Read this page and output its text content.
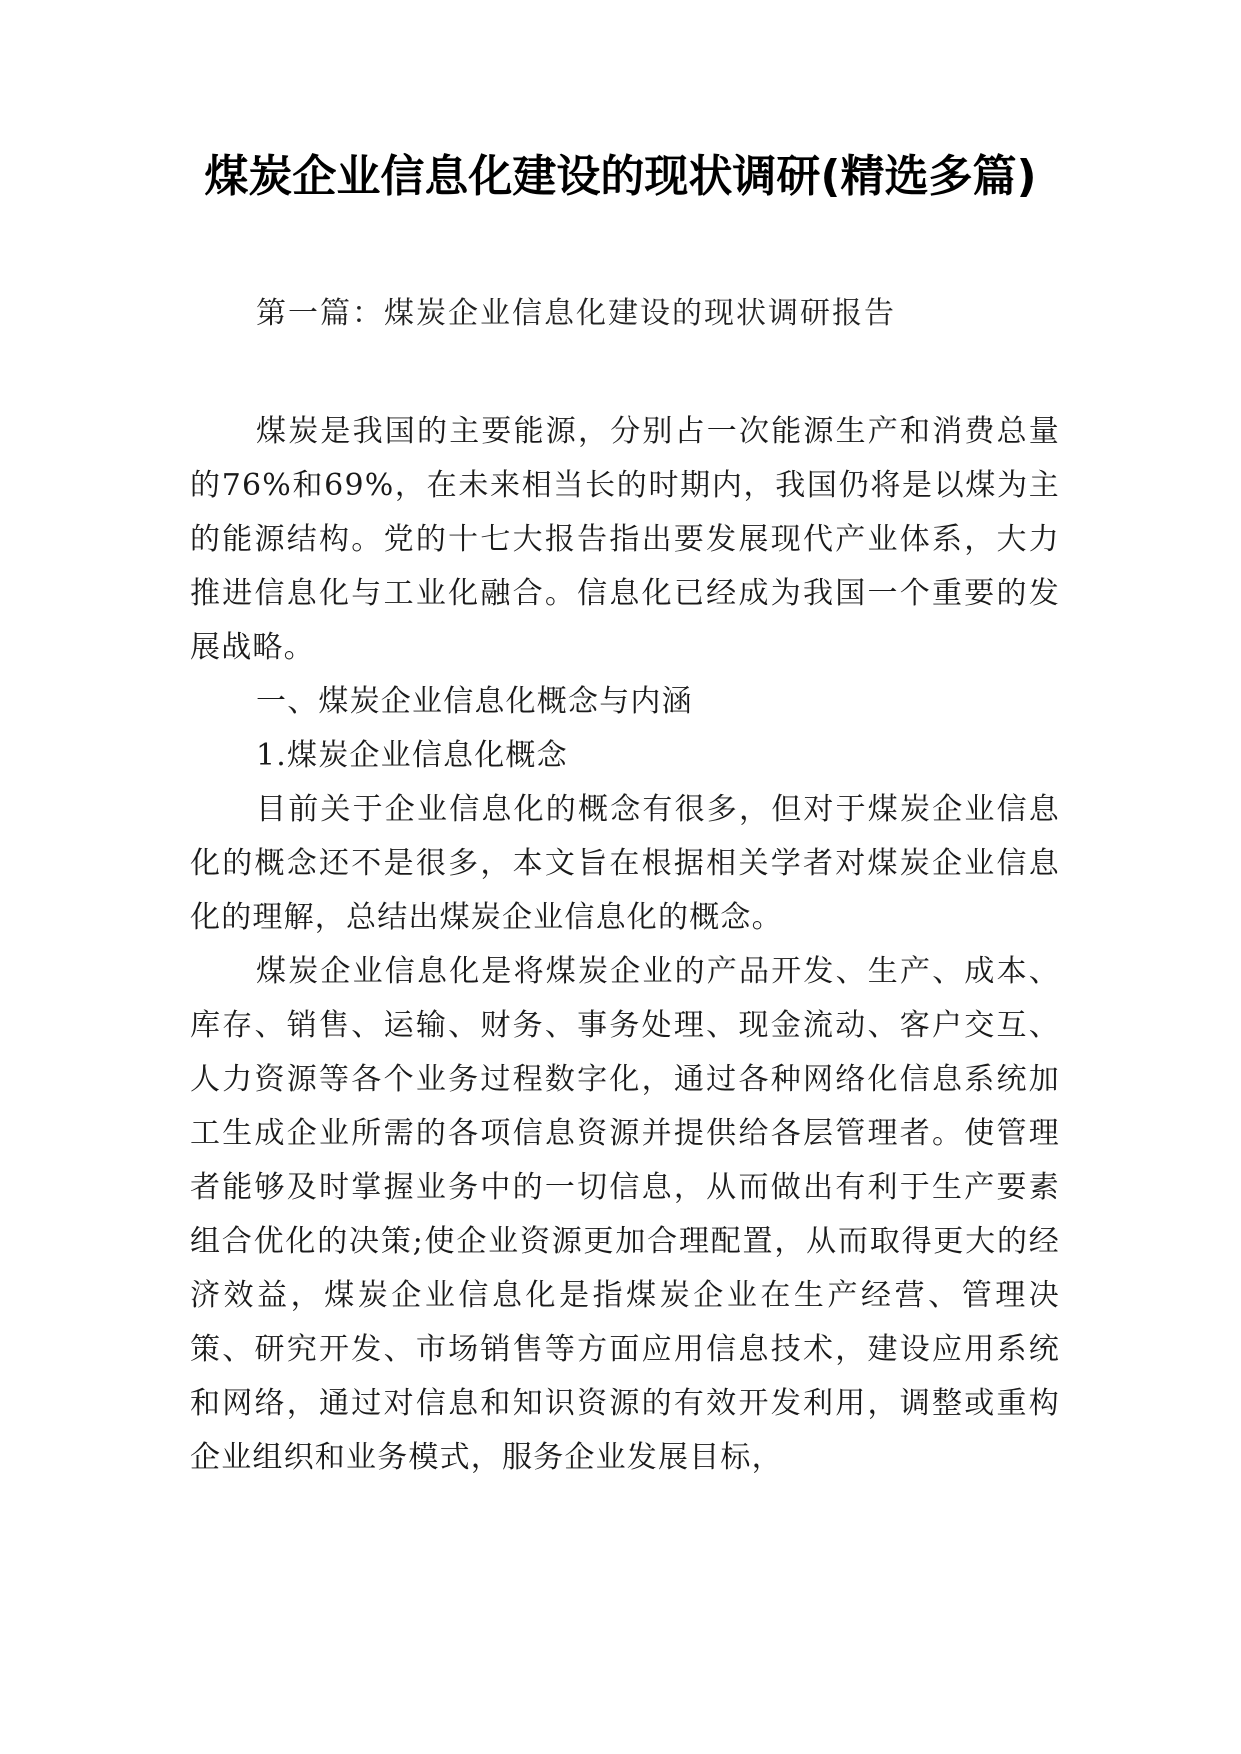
煤炭企业信息化建设的现状调研(精选多篇)
第一篇：煤炭企业信息化建设的现状调研报告

煤炭是我国的主要能源，分别占一次能源生产和消费总量的76%和69%，在未来相当长的时期内，我国仍将是以煤为主的能源结构。党的十七大报告指出要发展现代产业体系，大力推进信息化与工业化融合。信息化已经成为我国一个重要的发展战略。

一、煤炭企业信息化概念与内涵

1.煤炭企业信息化概念

目前关于企业信息化的概念有很多，但对于煤炭企业信息化的概念还不是很多，本文旨在根据相关学者对煤炭企业信息化的理解，总结出煤炭企业信息化的概念。

煤炭企业信息化是将煤炭企业的产品开发、生产、成本、库存、销售、运输、财务、事务处理、现金流动、客户交互、人力资源等各个业务过程数字化，通过各种网络化信息系统加工生成企业所需的各项信息资源并提供给各层管理者。使管理者能够及时掌握业务中的一切信息，从而做出有利于生产要素组合优化的决策;使企业资源更加合理配置，从而取得更大的经济效益，煤炭企业信息化是指煤炭企业在生产经营、管理决策、研究开发、市场销售等方面应用信息技术，建设应用系统和网络，通过对信息和知识资源的有效开发利用，调整或重构企业组织和业务模式，服务企业发展目标，
